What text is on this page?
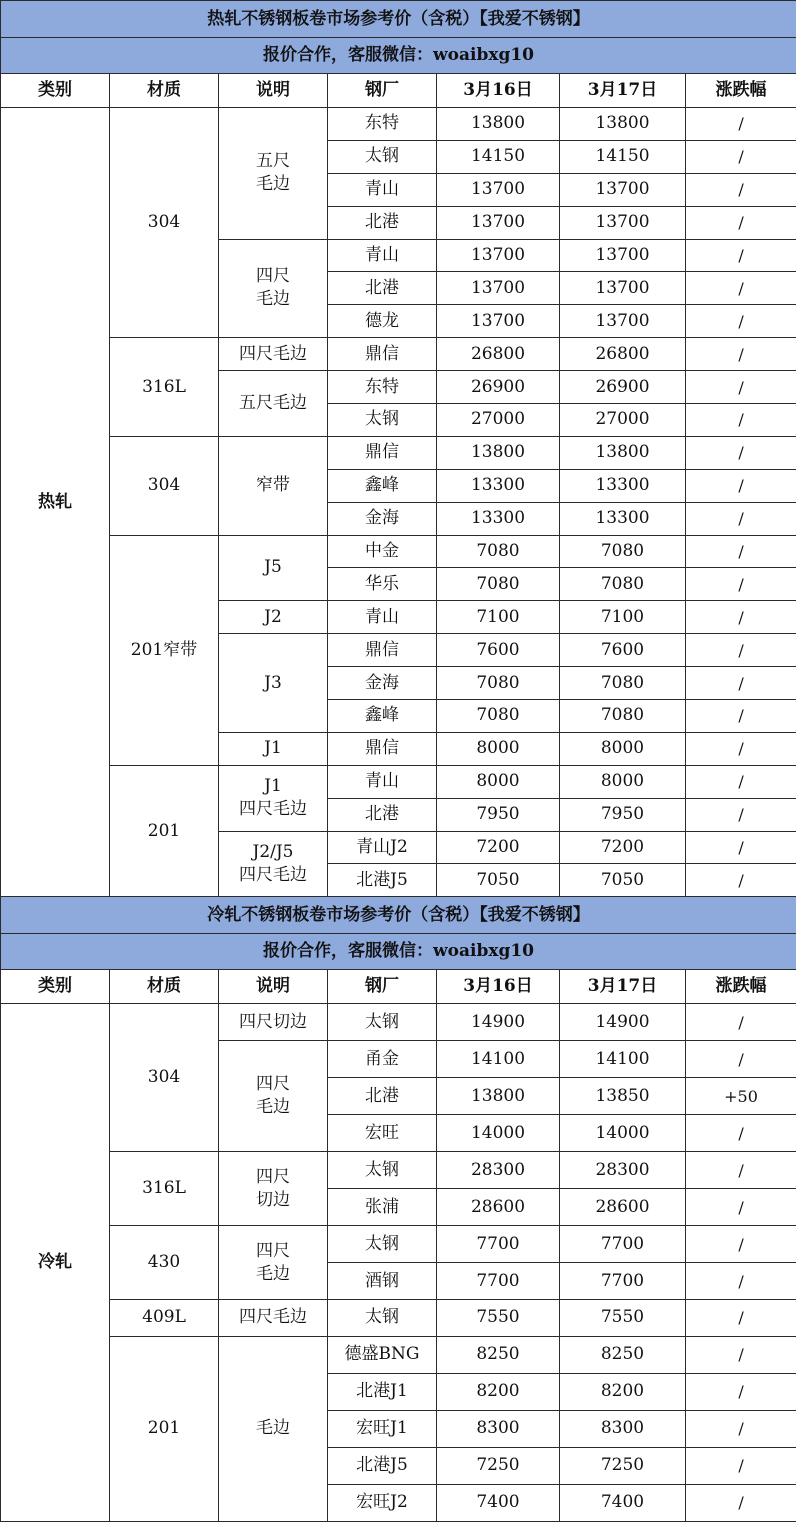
热轧不锈钢板卷市场参考价（含税）【我爱不锈钢】						
报价合作，客服微信：woaibxg10						
类别	材质	说明	钢厂	3月16日	3月17日	涨跌幅
热轧	304	五尺
毛边	东特	13800	13800	/
			太钢	14150	14150	/
			青山	13700	13700	/
			北港	13700	13700	/
		四尺
毛边	青山	13700	13700	/
			北港	13700	13700	/
			德龙	13700	13700	/
	316L	四尺毛边	鼎信	26800	26800	/
		五尺毛边	东特	26900	26900	/
			太钢	27000	27000	/
	304	窄带	鼎信	13800	13800	/
			鑫峰	13300	13300	/
			金海	13300	13300	/
	201窄带	J5	中金	7080	7080	/
			华乐	7080	7080	/
		J2	青山	7100	7100	/
		J3	鼎信	7600	7600	/
			金海	7080	7080	/
			鑫峰	7080	7080	/
		J1	鼎信	8000	8000	/
	201	J1
四尺毛边	青山	8000	8000	/
			北港	7950	7950	/
		J2/J5
四尺毛边	青山J2	7200	7200	/
			北港J5	7050	7050	/
冷轧不锈钢板卷市场参考价（含税）【我爱不锈钢】						
报价合作，客服微信：woaibxg10						
类别	材质	说明	钢厂	3月16日	3月17日	涨跌幅
冷轧	304	四尺切边	太钢	14900	14900	/
		四尺
毛边	甬金	14100	14100	/
			北港	13800	13850	+50
			宏旺	14000	14000	/
	316L	四尺
切边	太钢	28300	28300	/
			张浦	28600	28600	/
	430	四尺
毛边	太钢	7700	7700	/
			酒钢	7700	7700	/
	409L	四尺毛边	太钢	7550	7550	/
	201	毛边	德盛BNG	8250	8250	/
			北港J1	8200	8200	/
			宏旺J1	8300	8300	/
			北港J5	7250	7250	/
			宏旺J2	7400	7400	/
